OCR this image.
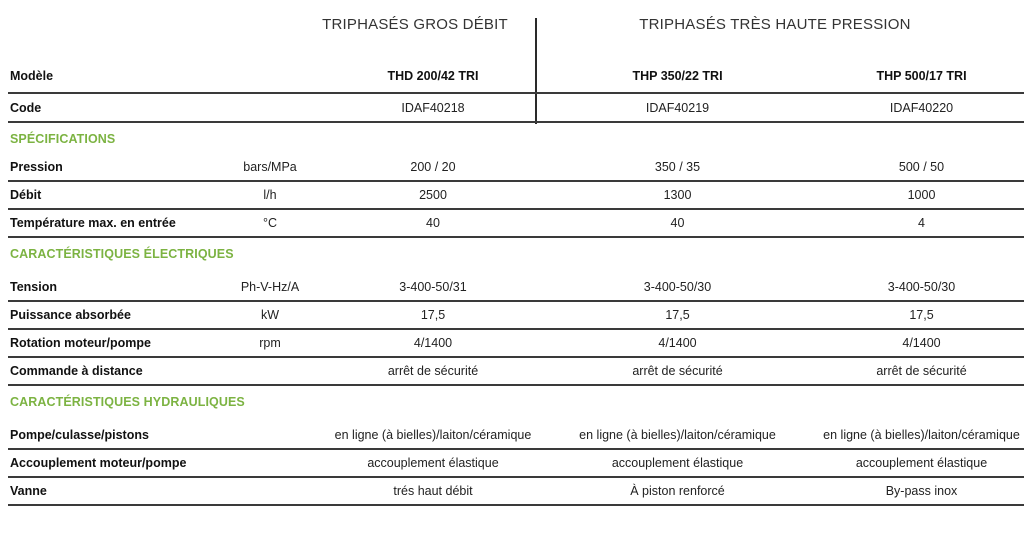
TRIPHASÉS GROS DÉBIT	TRIPHASÉS TRÈS HAUTE PRESSION
Modèle		THD 200/42 TRI	THP 350/22 TRI	THP 500/17 TRI
Code		IDAF40218	IDAF40219	IDAF40220
SPÉCIFICATIONS				
Pression	bars/MPa	200 / 20	350 / 35	500 / 50
Débit	l/h	2500	1300	1000
Température max. en entrée	°C	40	40	4
CARACTÉRISTIQUES ÉLECTRIQUES				

Tension	Ph-V-Hz/A	3-400-50/31	3-400-50/30	3-400-50/30
Puissance absorbée	kW	17,5	17,5	17,5
Rotation moteur/pompe	rpm	4/1400	4/1400	4/1400
Commande à distance		arrêt de sécurité	arrêt de sécurité	arrêt de sécurité
CARACTÉRISTIQUES HYDRAULIQUES				

Pompe/culasse/pistons		en ligne (à bielles)/laiton/céramique	en ligne (à bielles)/laiton/céramique	en ligne (à bielles)/laiton/céramique
Accouplement moteur/pompe		accouplement élastique	accouplement élastique	accouplement élastique
Vanne		trés haut débit	À piston renforcé	By-pass inox
